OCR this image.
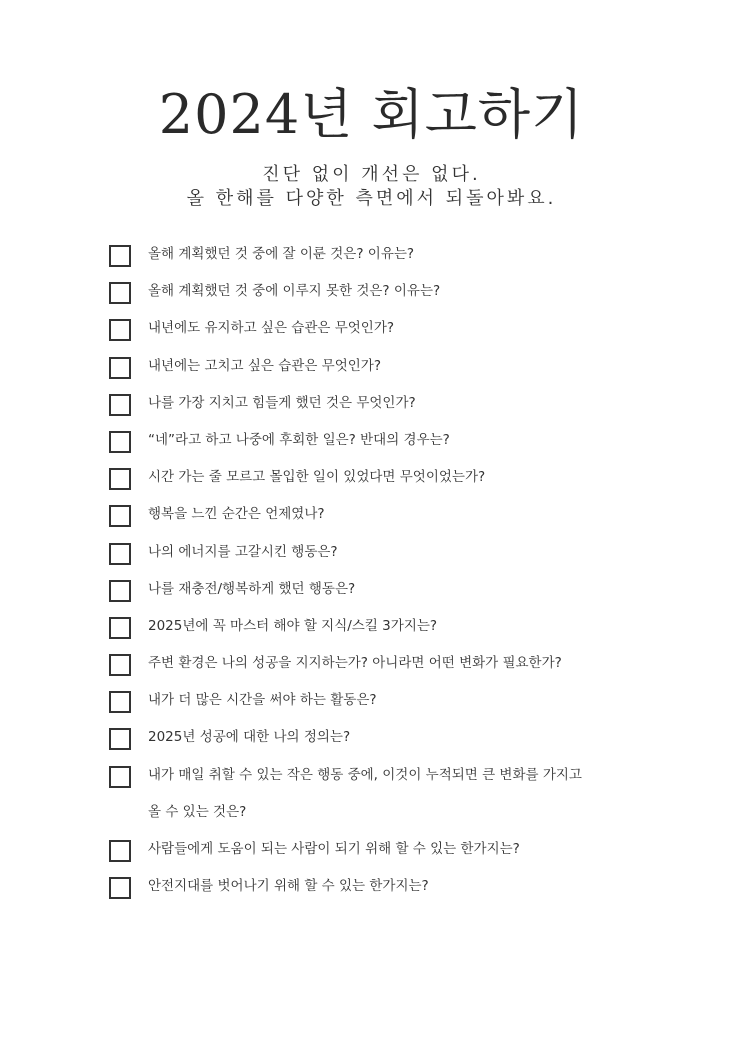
2024년 회고하기

진단 없이 개선은 없다.

올 한해를 다양한 측면에서 되돌아봐요.

올해 계획했던 것 중에 잘 이룬 것은? 이유는?
올해 계획했던 것 중에 이루지 못한 것은? 이유는?
내년에도 유지하고 싶은 습관은 무엇인가?
내년에는 고치고 싶은 습관은 무엇인가?
나를 가장 지치고 힘들게 했던 것은 무엇인가?
“네”라고 하고 나중에 후회한 일은? 반대의 경우는?
시간 가는 줄 모르고 몰입한 일이 있었다면 무엇이었는가?
행복을 느낀 순간은 언제였나?
나의 에너지를 고갈시킨 행동은?
나를 재충전/행복하게 했던 행동은?
2025년에 꼭 마스터 해야 할 지식/스킬 3가지는?
주변 환경은 나의 성공을 지지하는가? 아니라면 어떤 변화가 필요한가?
내가 더 많은 시간을 써야 하는 활동은?
2025년 성공에 대한 나의 정의는?
내가 매일 취할 수 있는 작은 행동 중에, 이것이 누적되면 큰 변화를 가지고
올 수 있는 것은?
사람들에게 도움이 되는 사람이 되기 위해 할 수 있는 한가지는?
안전지대를 벗어나기 위해 할 수 있는 한가지는?
